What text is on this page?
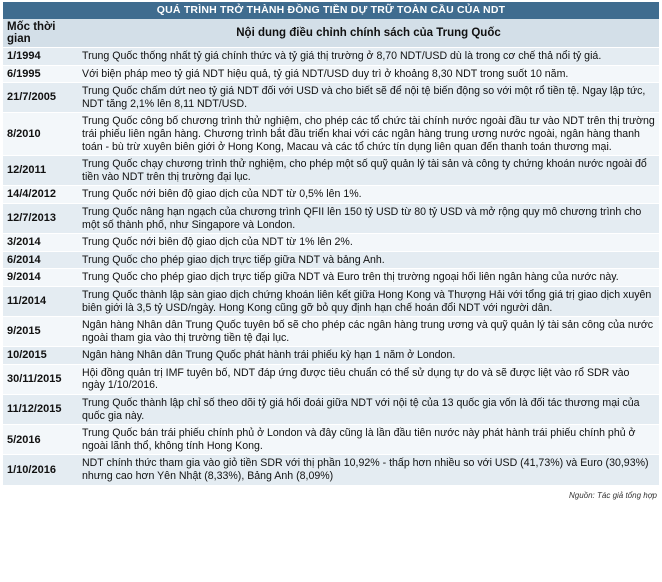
QUÁ TRÌNH TRỞ THÀNH ĐỒNG TIỀN DỰ TRỮ TOÀN CẦU CỦA NDT
Mốc thời gian	Nội dung điều chỉnh chính sách của Trung Quốc
1/1994	Trung Quốc thống nhất tỷ giá chính thức và tỷ giá thị trường ở 8,70 NDT/USD dù là trong cơ chế thả nổi tỷ giá.
6/1995	Với biện pháp meo tỷ giá NDT hiệu quả, tỷ giá NDT/USD duy trì ở khoảng 8,30 NDT trong suốt 10 năm.
21/7/2005	Trung Quốc chấm dứt neo tỷ giá NDT đối với USD và cho biết sẽ để nội tệ biến động so với một rổ tiền tệ. Ngay lập tức, NDT tăng 2,1% lên 8,11 NDT/USD.
8/2010	Trung Quốc công bố chương trình thử nghiệm, cho phép các tổ chức tài chính nước ngoài đầu tư vào NDT trên thị trường trái phiếu liên ngân hàng. Chương trình bắt đầu triển khai với các ngân hàng trung ương nước ngoài, ngân hàng thanh toán - bù trừ xuyên biên giới ở Hong Kong, Macau và các tổ chức tín dụng liên quan đến thanh toán thương mại.
12/2011	Trung Quốc chạy chương trình thử nghiệm, cho phép một số quỹ quản lý tài sản và công ty chứng khoán nước ngoài đổ tiền vào NDT trên thị trường đại lục.
14/4/2012	Trung Quốc nới biên độ giao dịch của NDT từ 0,5% lên 1%.
12/7/2013	Trung Quốc nâng hạn ngạch của chương trình QFII lên 150 tỷ USD từ 80 tỷ USD và mở rộng quy mô chương trình cho một số thành phố, như Singapore và London.
3/2014	Trung Quốc nới biên độ giao dịch của NDT từ 1% lên 2%.
6/2014	Trung Quốc cho phép giao dịch trực tiếp giữa NDT và bảng Anh.
9/2014	Trung Quốc cho phép giao dịch trực tiếp giữa NDT và Euro trên thị trường ngoại hối liên ngân hàng của nước này.
11/2014	Trung Quốc thành lập sàn giao dịch chứng khoán liên kết giữa Hong Kong và Thượng Hải với tổng giá trị giao dịch xuyên biên giới là 3,5 tỷ USD/ngày. Hong Kong cũng gỡ bỏ quy định hạn chế hoán đổi NDT với người dân.
9/2015	Ngân hàng Nhân dân Trung Quốc tuyên bố sẽ cho phép các ngân hàng trung ương và quỹ quản lý tài sản công của nước ngoài tham gia vào thị trường tiền tệ đại lục.
10/2015	Ngân hàng Nhân dân Trung Quốc phát hành trái phiếu kỳ hạn 1 năm ở London.
30/11/2015	Hội đồng quản trị IMF tuyên bố, NDT đáp ứng được tiêu chuẩn có thể sử dụng tự do và sẽ được liệt vào rổ SDR vào ngày 1/10/2016.
11/12/2015	Trung Quốc thành lập chỉ số theo dõi tỷ giá hối đoái giữa NDT với nội tệ của 13 quốc gia vốn là đối tác thương mại của quốc gia này.
5/2016	Trung Quốc bán trái phiếu chính phủ ở London và đây cũng là lần đầu tiên nước này phát hành trái phiếu chính phủ ở ngoài lãnh thổ, không tính Hong Kong.
1/10/2016	NDT chính thức tham gia vào giỏ tiền SDR với thị phần 10,92% - thấp hơn nhiều so với USD (41,73%) và Euro (30,93%) nhưng cao hơn Yên Nhật (8,33%), Bảng Anh (8,09%)
Nguồn: Tác giả tổng hợp
